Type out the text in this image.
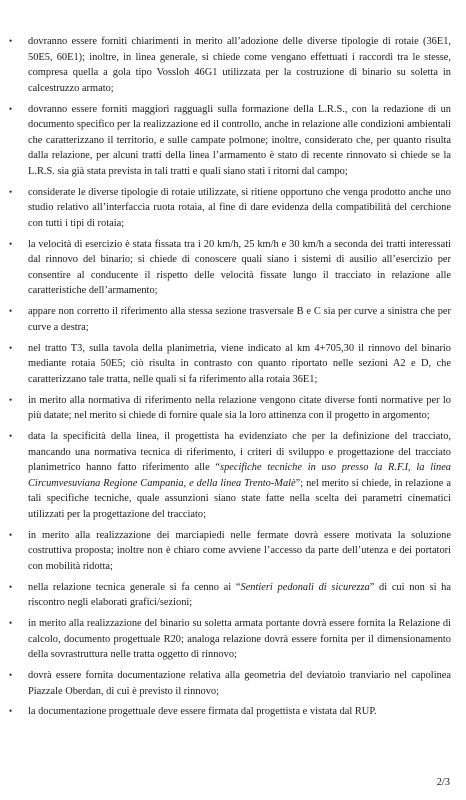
• dovranno essere forniti chiarimenti in merito all’adozione delle diverse tipologie di rotaie (36E1, 50E5, 60E1); inoltre, in linea generale, si chiede come vengano effettuati i raccordi tra le stesse, compresa quella a gola tipo Vossloh 46G1 utilizzata per la costruzione di binario su soletta in calcestruzzo armato;
• dovranno essere forniti maggiori ragguagli sulla formazione della L.R.S., con la redazione di un documento specifico per la realizzazione ed il controllo, anche in relazione alle condizioni ambientali che caratterizzano il territorio, e sulle campate polmone; inoltre, considerato che, per quanto risulta dalla relazione, per alcuni tratti della linea l’armamento è stato di recente rinnovato si chiede se la L.R.S. sia già stata prevista in tali tratti e quali siano stati i ritorni dal campo;
• considerate le diverse tipologie di rotaie utilizzate, si ritiene opportuno che venga prodotto anche uno studio relativo all’interfaccia ruota rotaia, al fine di dare evidenza della compatibilità del cerchione con tutti i tipi di rotaia;
• la velocità di esercizio è stata fissata tra i 20 km/h, 25 km/h e 30 km/h a seconda dei tratti interessati dal rinnovo del binario; si chiede di conoscere quali siano i sistemi di ausilio all’esercizio per consentire al conducente il rispetto delle velocità fissate lungo il tracciato in relazione alle caratteristiche dell’armamento;
• appare non corretto il riferimento alla stessa sezione trasversale B e C sia per curve a sinistra che per curve a destra;
• nel tratto T3, sulla tavola della planimetria, viene indicato al km 4+705,30 il rinnovo del binario mediante rotaia 50E5; ciò risulta in contrasto con quanto riportato nelle sezioni A2 e D, che caratterizzano tale tratta, nelle quali si fa riferimento alla rotaia 36E1;
• in merito alla normativa di riferimento nella relazione vengono citate diverse fonti normative per lo più datate; nel merito si chiede di fornire quale sia la loro attinenza con il progetto in argomento;
• data la specificità della linea, il progettista ha evidenziato che per la definizione del tracciato, mancando una normativa tecnica di riferimento, i criteri di sviluppo e progettazione del tracciato planimetrico hanno fatto riferimento alle “specifiche tecniche in uso presso la R.F.I, la linea Circumvesuviana Regione Campania, e della linea Trento-Malè”; nel merito si chiede, in relazione a tali specifiche tecniche, quale assunzioni siano state fatte nella scelta dei parametri cinematici utilizzati per la progettazione del tracciato;
• in merito alla realizzazione dei marciapiedi nelle fermate dovrà essere motivata la soluzione costruttiva proposta; inoltre non è chiaro come avviene l’accesso da parte dell’utenza e dei portatori con mobilità ridotta;
• nella relazione tecnica generale si fa cenno ai “Sentieri pedonali di sicurezza” di cui non si ha riscontro negli elaborati grafici/sezioni;
• in merito alla realizzazione del binario su soletta armata portante dovrà essere fornita la Relazione di calcolo, documento progettuale R20; analoga relazione dovrà essere fornita per il dimensionamento della sovrastruttura nelle tratta oggetto di rinnovo;
• dovrà essere fornita documentazione relativa alla geometria del deviatoio tranviario nel capolinea Piazzale Oberdan, di cui è previsto il rinnovo;
• la documentazione progettuale deve essere firmata dal progettista e vistata dal RUP.
2/3
